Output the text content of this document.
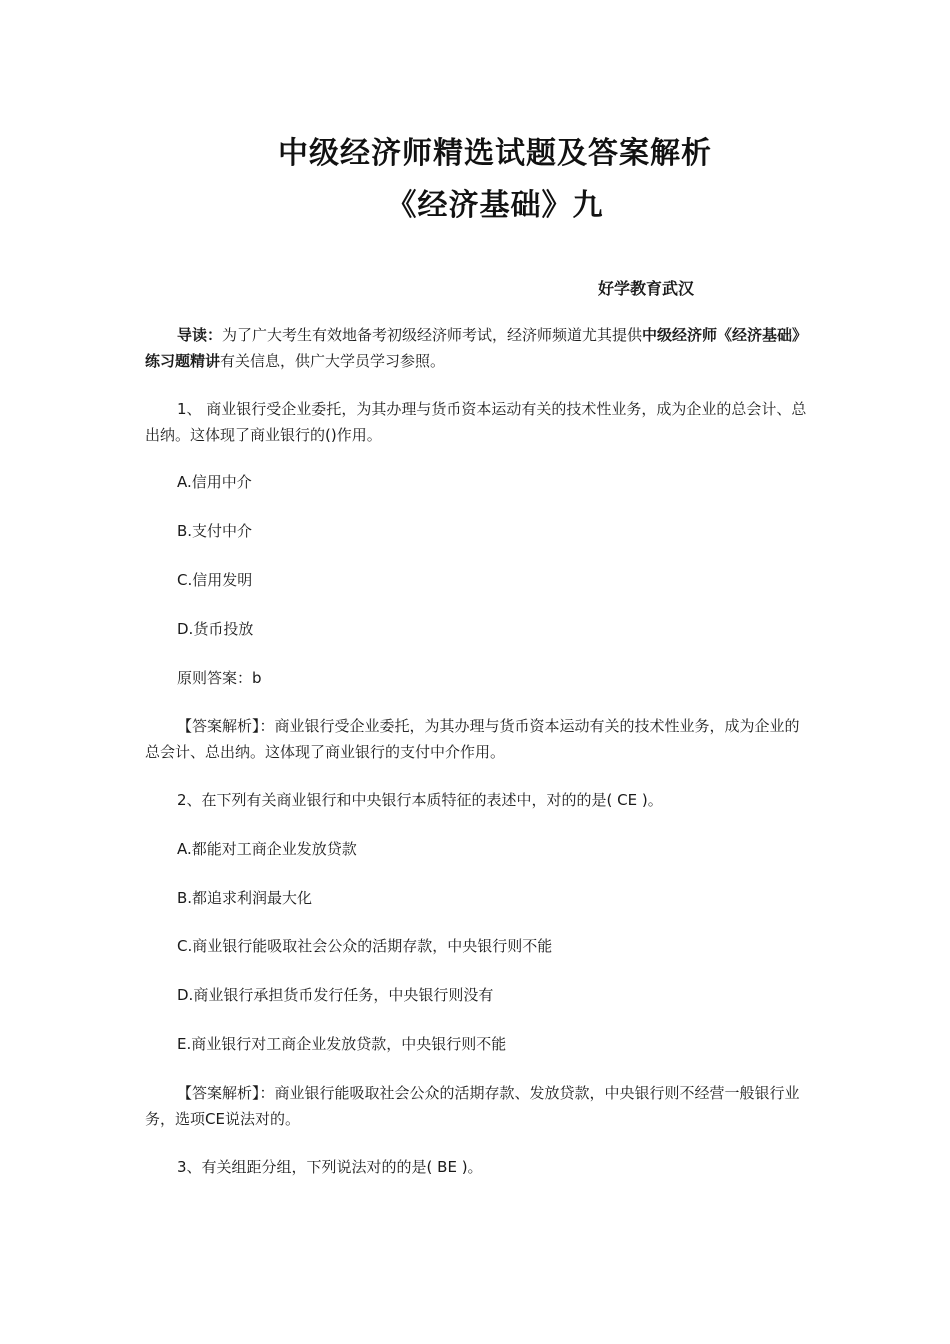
中级经济师精选试题及答案解析
《经济基础》九
好学教育武汉

导读：为了广大考生有效地备考初级经济师考试，经济师频道尤其提供中级经济师《经济基础》练习题精讲有关信息，供广大学员学习参照。

1、 商业银行受企业委托，为其办理与货币资本运动有关的技术性业务，成为企业的总会计、总出纳。这体现了商业银行的()作用。

A.信用中介

B.支付中介

C.信用发明

D.货币投放

原则答案：b

【答案解析】：商业银行受企业委托，为其办理与货币资本运动有关的技术性业务，成为企业的总会计、总出纳。这体现了商业银行的支付中介作用。

2、在下列有关商业银行和中央银行本质特征的表述中，对的的是( CE )。

A.都能对工商企业发放贷款

B.都追求利润最大化

C.商业银行能吸取社会公众的活期存款，中央银行则不能

D.商业银行承担货币发行任务，中央银行则没有

E.商业银行对工商企业发放贷款，中央银行则不能

【答案解析】：商业银行能吸取社会公众的活期存款、发放贷款，中央银行则不经营一般银行业务，选项CE说法对的。

3、有关组距分组，下列说法对的的是( BE )。
